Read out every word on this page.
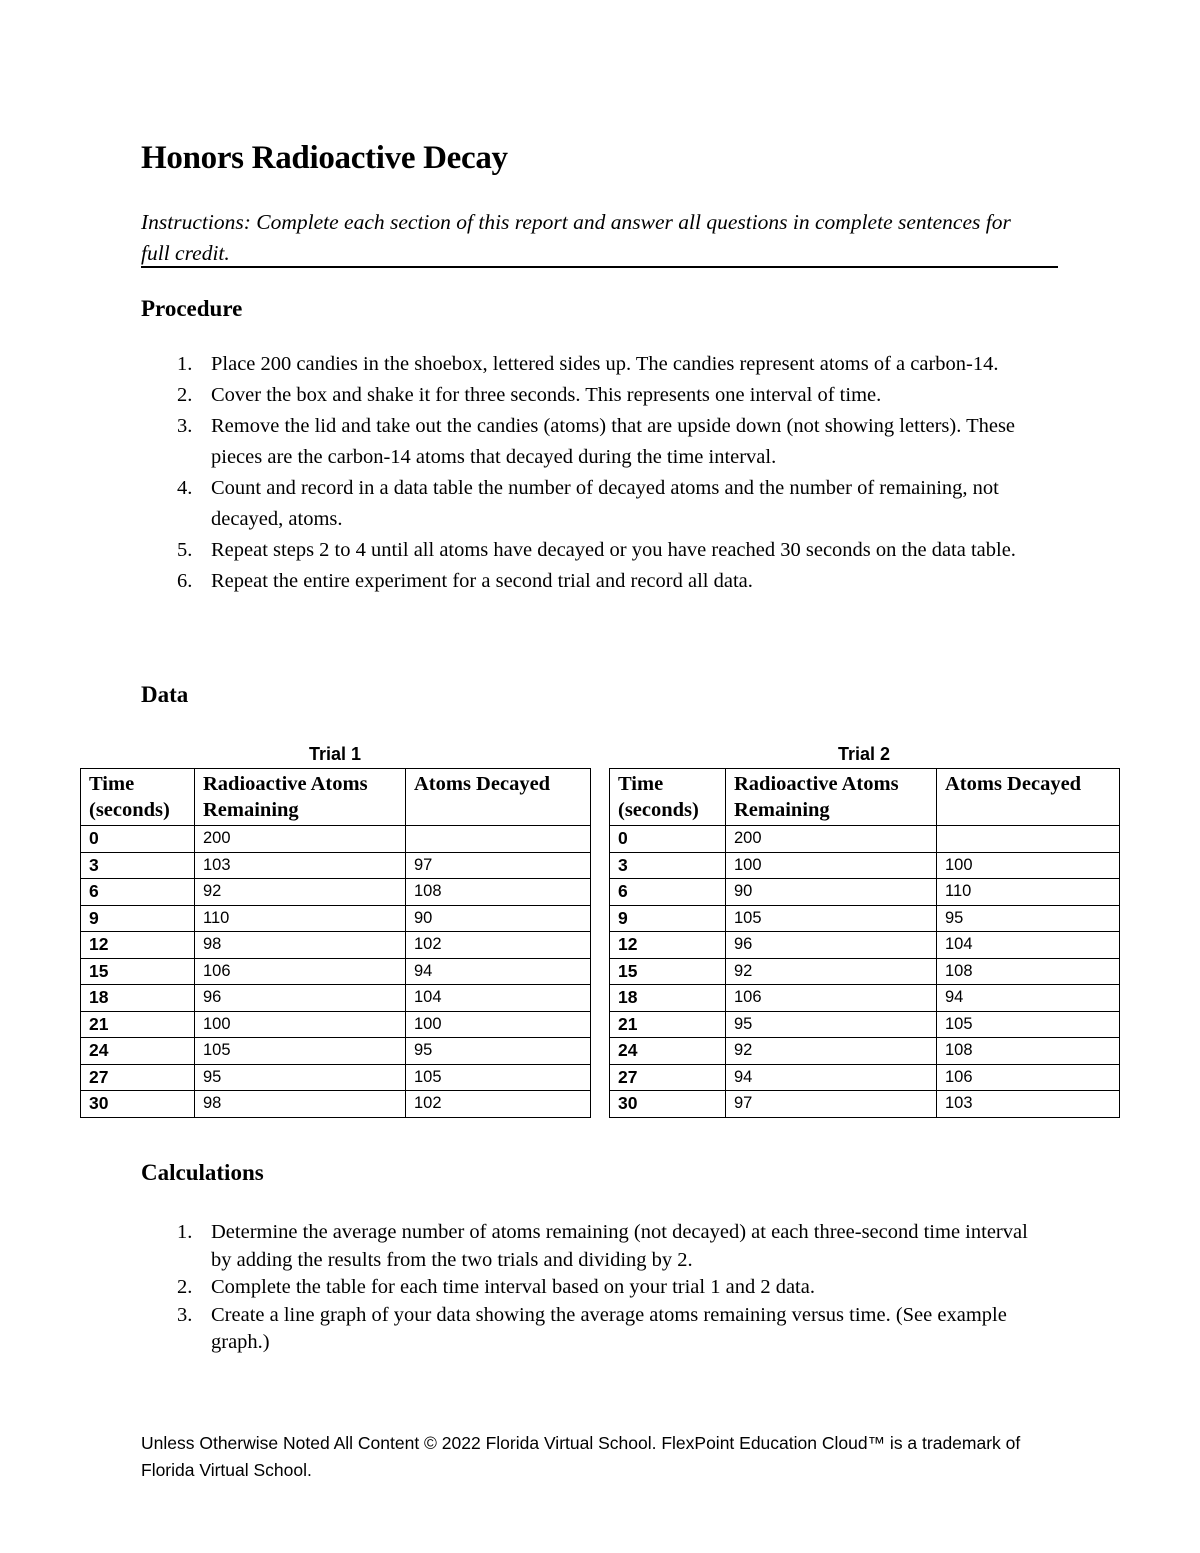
Honors Radioactive Decay
Instructions: Complete each section of this report and answer all questions in complete sentences for full credit.
Procedure
1. Place 200 candies in the shoebox, lettered sides up. The candies represent atoms of a carbon-14.
2. Cover the box and shake it for three seconds. This represents one interval of time.
3. Remove the lid and take out the candies (atoms) that are upside down (not showing letters). These pieces are the carbon-14 atoms that decayed during the time interval.
4. Count and record in a data table the number of decayed atoms and the number of remaining, not decayed, atoms.
5. Repeat steps 2 to 4 until all atoms have decayed or you have reached 30 seconds on the data table.
6. Repeat the entire experiment for a second trial and record all data.
Data
Trial 1
Time (seconds)	Radioactive Atoms Remaining	Atoms Decayed
0	200	
3	103	97
6	92	108
9	110	90
12	98	102
15	106	94
18	96	104
21	100	100
24	105	95
27	95	105
30	98	102
Trial 2
Time (seconds)	Radioactive Atoms Remaining	Atoms Decayed
0	200	
3	100	100
6	90	110
9	105	95
12	96	104
15	92	108
18	106	94
21	95	105
24	92	108
27	94	106
30	97	103
Calculations
1. Determine the average number of atoms remaining (not decayed) at each three-second time interval by adding the results from the two trials and dividing by 2.
2. Complete the table for each time interval based on your trial 1 and 2 data.
3. Create a line graph of your data showing the average atoms remaining versus time. (See example graph.)
Unless Otherwise Noted All Content © 2022 Florida Virtual School. FlexPoint Education Cloud™ is a trademark of Florida Virtual School.
